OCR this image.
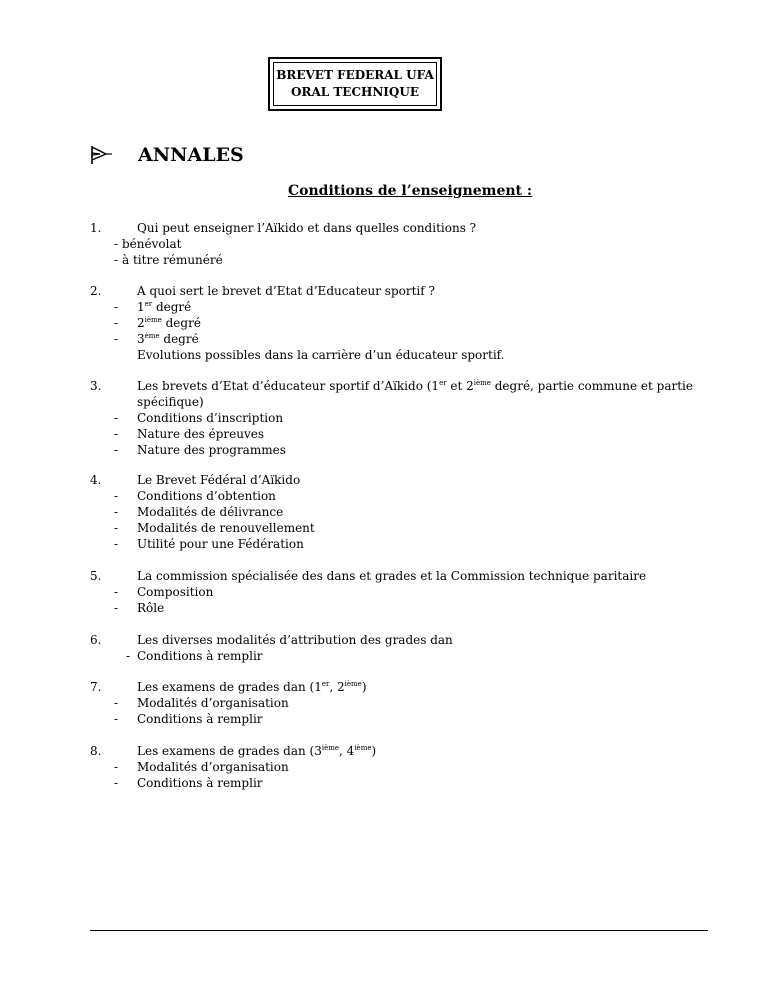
BREVET FEDERAL UFA
ORAL TECHNIQUE
ANNALES
Conditions de l’enseignement :
1.	Qui peut enseigner l’Aïkido et dans quelles conditions ?
- bénévolat
- à titre rémunéré
2.	A quoi sert le brevet d’Etat d’Educateur sportif ?
- 1er degré
- 2ième degré
- 3ème degré
Evolutions possibles dans la carrière d’un éducateur sportif.
3.	Les brevets d’Etat d’éducateur sportif d’Aïkido (1er et 2ième degré, partie commune et partie
spécifique)
- Conditions d’inscription
- Nature des épreuves
- Nature des programmes
4.	Le Brevet Fédéral d’Aïkido
- Conditions d’obtention
- Modalités de délivrance
- Modalités de renouvellement
- Utilité pour une Fédération
5.	La commission spécialisée des dans et grades et la Commission technique paritaire
- Composition
- Rôle
6.	Les diverses modalités d’attribution des grades dan
- Conditions à remplir
7.	Les examens de grades dan (1er, 2ième)
- Modalités d’organisation
- Conditions à remplir
8.	Les examens de grades dan (3ième, 4ième)
- Modalités d’organisation
- Conditions à remplir
